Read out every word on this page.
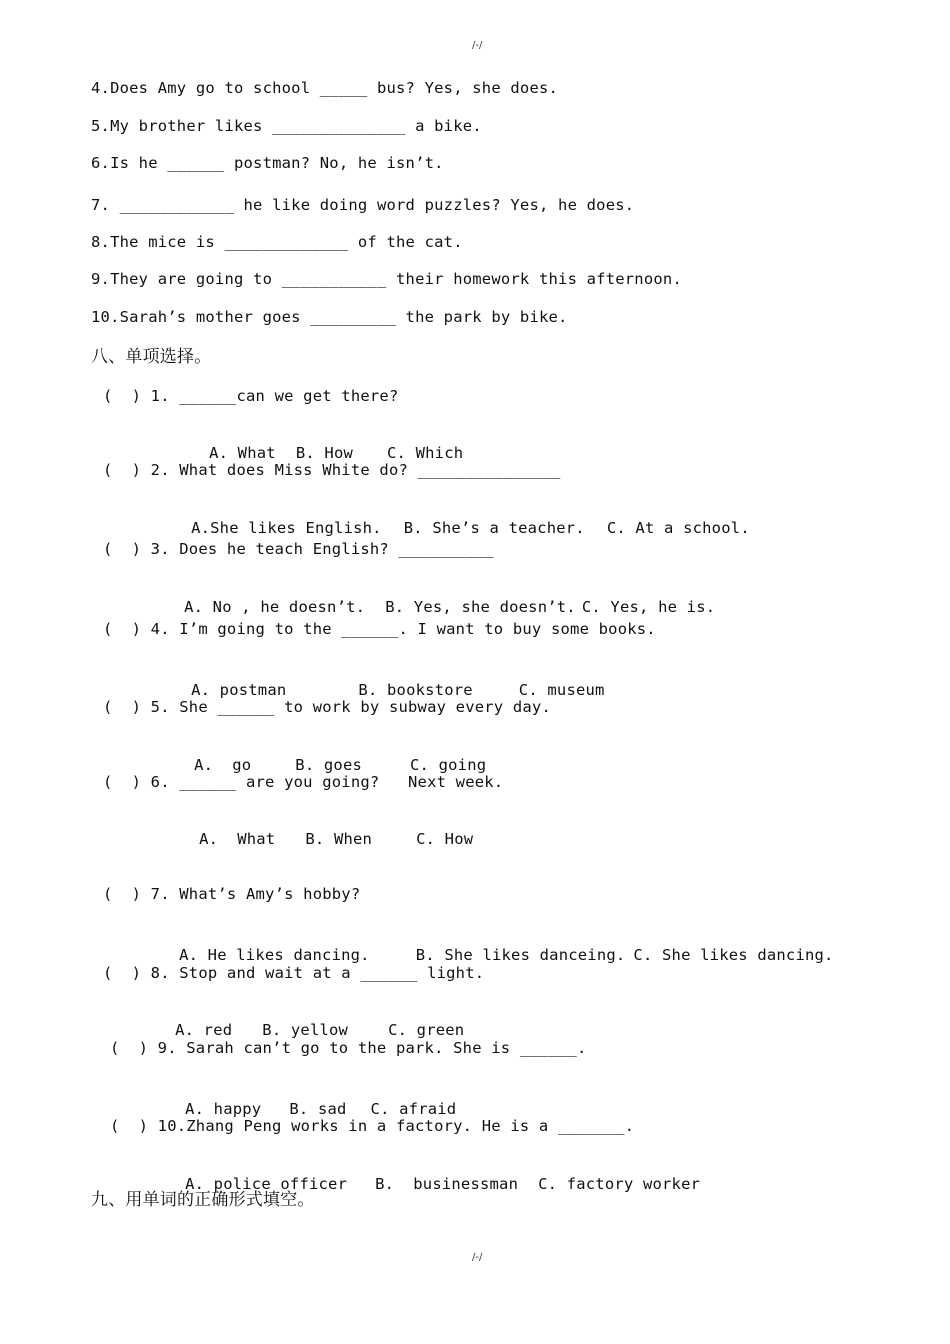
/-/
4.Does Amy go to school _____ bus? Yes, she does.
5.My brother likes ______________ a bike.
6.Is he ______ postman? No, he isn’t.
7. ____________ he like doing word puzzles? Yes, he does.
8.The mice is _____________ of the cat.
9.They are going to ___________ their homework this afternoon.
10.Sarah’s mother goes _________ the park by bike.
八、单项选择。
(  ) 1. ______can we get there?

A. What B. How C. Which

(  ) 2. What does Miss White do? _______________

A.She likes English. B. She’s a teacher. C. At a school.

(  ) 3. Does he teach English? __________

A. No , he doesn’t. B. Yes, she doesn’t. C. Yes, he is.

(  ) 4. I’m going to the ______. I want to buy some books.

A. postman	B. bookstore	C. museum

(  ) 5. She ______ to work by subway every day.

A.  go	B. goes	C. going

(  ) 6. ______ are you going?   Next week.

A.  What B. When	C. How

(  ) 7. What’s Amy’s hobby?

A. He likes dancing.	B. She likes danceing. C. She likes dancing.

(  ) 8. Stop and wait at a ______ light.

A. red B. yellow	C. green

(  ) 9. Sarah can’t go to the park. She is ______.

A. happy B. sad C. afraid

(  ) 10.Zhang Peng works in a factory. He is a _______.

A. police officer B.  businessman C. factory worker

九、用单词的正确形式填空。
/-/
